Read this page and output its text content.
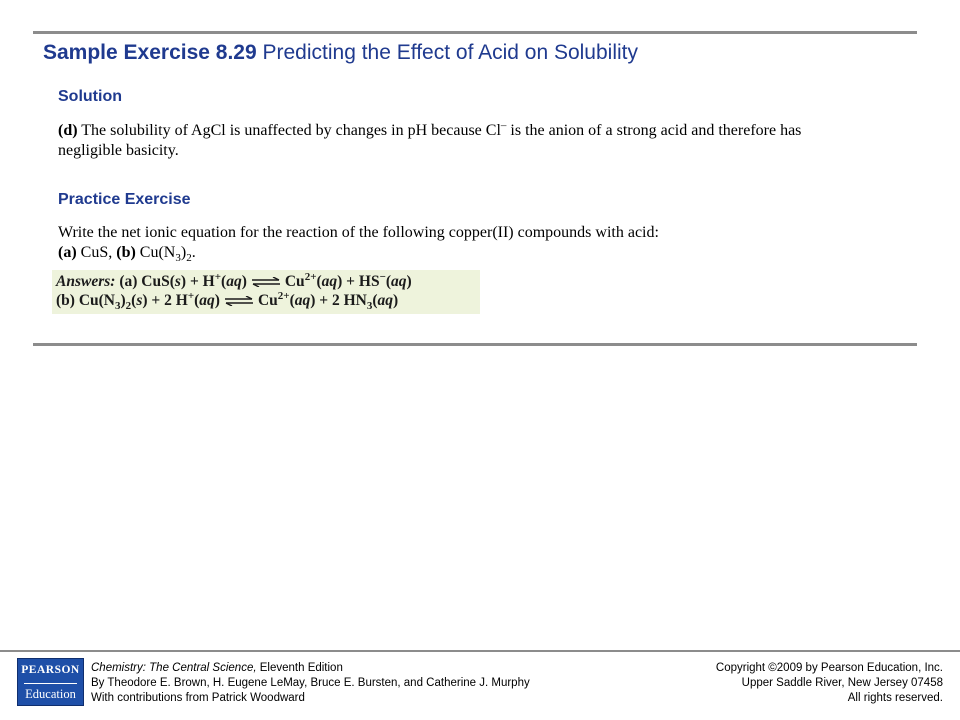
Sample Exercise 8.29 Predicting the Effect of Acid on Solubility
Solution
(d) The solubility of AgCl is unaffected by changes in pH because Cl– is the anion of a strong acid and therefore has negligible basicity.
Practice Exercise
Write the net ionic equation for the reaction of the following copper(II) compounds with acid:
(a) CuS, (b) $Cu(N_3)_2$.
Answers: (a) CuS(s) + H+(aq) ⇌ $Cu^{2+}(aq) + HS^-(aq)$
(b) $Cu(N_3)_2(s) + 2$ H+(aq) ⇌ $Cu^{2+}(aq) + 2$ $HN_3(aq)$
PEARSON
Education
Chemistry: The Central Science, Eleventh Edition
By Theodore E. Brown, H. Eugene LeMay, Bruce E. Bursten, and Catherine J. Murphy
With contributions from Patrick Woodward
Copyright ©2009 by Pearson Education, Inc.
Upper Saddle River, New Jersey 07458
All rights reserved.
